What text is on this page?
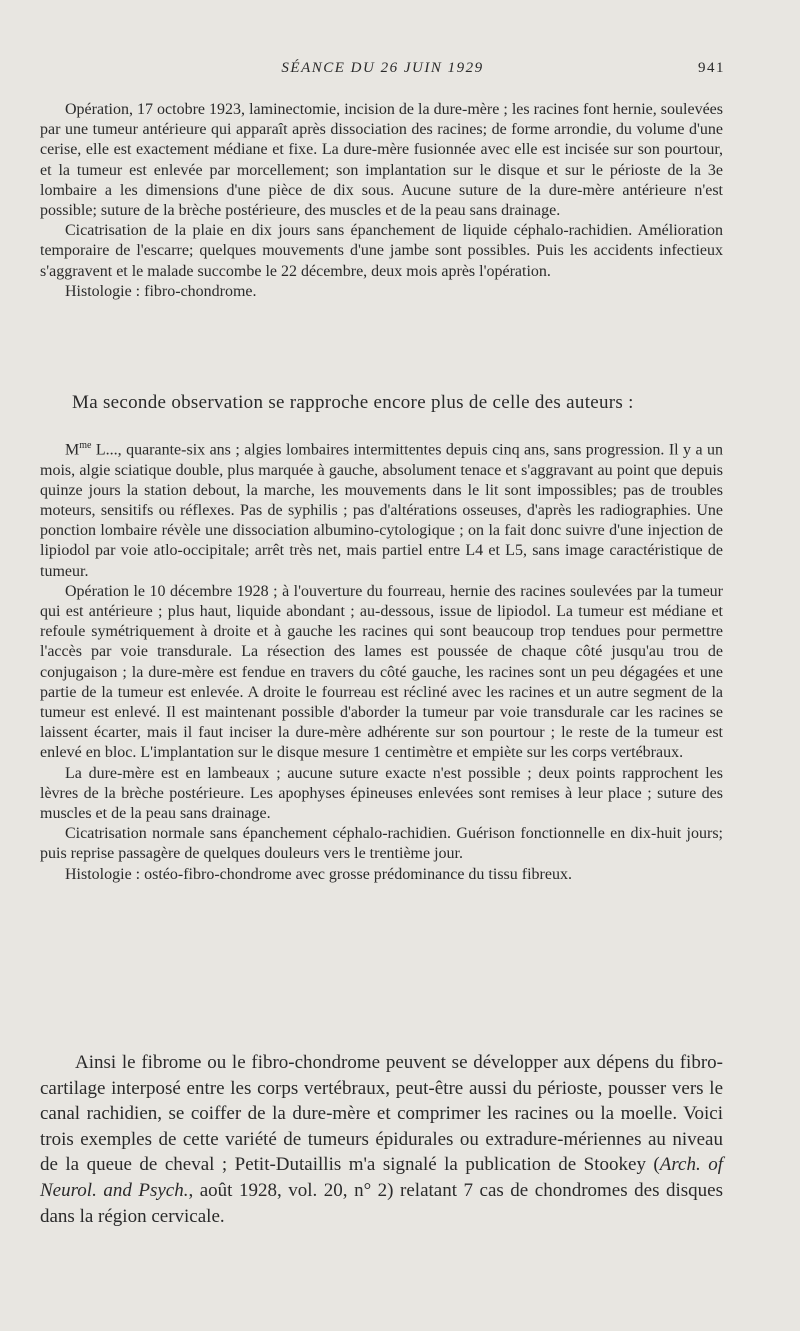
SÉANCE DU 26 JUIN 1929	941

Opération, 17 octobre 1923, laminectomie, incision de la dure-mère ; les racines font hernie, soulevées par une tumeur antérieure qui apparaît après dissociation des racines; de forme arrondie, du volume d'une cerise, elle est exactement médiane et fixe. La dure-mère fusionnée avec elle est incisée sur son pourtour, et la tumeur est enlevée par morcellement; son implantation sur le disque et sur le périoste de la 3e lombaire a les dimensions d'une pièce de dix sous. Aucune suture de la dure-mère antérieure n'est possible; suture de la brèche postérieure, des muscles et de la peau sans drainage.

Cicatrisation de la plaie en dix jours sans épanchement de liquide céphalo-rachidien. Amélioration temporaire de l'escarre; quelques mouvements d'une jambe sont possibles. Puis les accidents infectieux s'aggravent et le malade succombe le 22 décembre, deux mois après l'opération.

Histologie : fibro-chondrome.

Ma seconde observation se rapproche encore plus de celle des auteurs :

$M^{me}$ L..., quarante-six ans ; algies lombaires intermittentes depuis cinq ans, sans progression. Il y a un mois, algie sciatique double, plus marquée à gauche, absolument tenace et s'aggravant au point que depuis quinze jours la station debout, la marche, les mouvements dans le lit sont impossibles; pas de troubles moteurs, sensitifs ou réflexes. Pas de syphilis ; pas d'altérations osseuses, d'après les radiographies. Une ponction lombaire révèle une dissociation albumino-cytologique ; on la fait donc suivre d'une injection de lipiodol par voie atlo-occipitale; arrêt très net, mais partiel entre L4 et L5, sans image caractéristique de tumeur.

Opération le 10 décembre 1928 ; à l'ouverture du fourreau, hernie des racines soulevées par la tumeur qui est antérieure ; plus haut, liquide abondant ; au-dessous, issue de lipiodol. La tumeur est médiane et refoule symétriquement à droite et à gauche les racines qui sont beaucoup trop tendues pour permettre l'accès par voie transdurale. La résection des lames est poussée de chaque côté jusqu'au trou de conjugaison ; la dure-mère est fendue en travers du côté gauche, les racines sont un peu dégagées et une partie de la tumeur est enlevée. A droite le fourreau est récliné avec les racines et un autre segment de la tumeur est enlevé. Il est maintenant possible d'aborder la tumeur par voie transdurale car les racines se laissent écarter, mais il faut inciser la dure-mère adhérente sur son pourtour ; le reste de la tumeur est enlevé en bloc. L'implantation sur le disque mesure 1 centimètre et empiète sur les corps vertébraux.

La dure-mère est en lambeaux ; aucune suture exacte n'est possible ; deux points rapprochent les lèvres de la brèche postérieure. Les apophyses épineuses enlevées sont remises à leur place ; suture des muscles et de la peau sans drainage.

Cicatrisation normale sans épanchement céphalo-rachidien. Guérison fonctionnelle en dix-huit jours; puis reprise passagère de quelques douleurs vers le trentième jour.

Histologie : ostéo-fibro-chondrome avec grosse prédominance du tissu fibreux.

Ainsi le fibrome ou le fibro-chondrome peuvent se développer aux dépens du fibro-cartilage interposé entre les corps vertébraux, peut-être aussi du périoste, pousser vers le canal rachidien, se coiffer de la dure-mère et comprimer les racines ou la moelle. Voici trois exemples de cette variété de tumeurs épidurales ou extradure-mériennes au niveau de la queue de cheval ; Petit-Dutaillis m'a signalé la publication de Stookey (Arch. of Neurol. and Psych., août 1928, vol. 20, n° 2) relatant 7 cas de chondromes des disques dans la région cervicale.
